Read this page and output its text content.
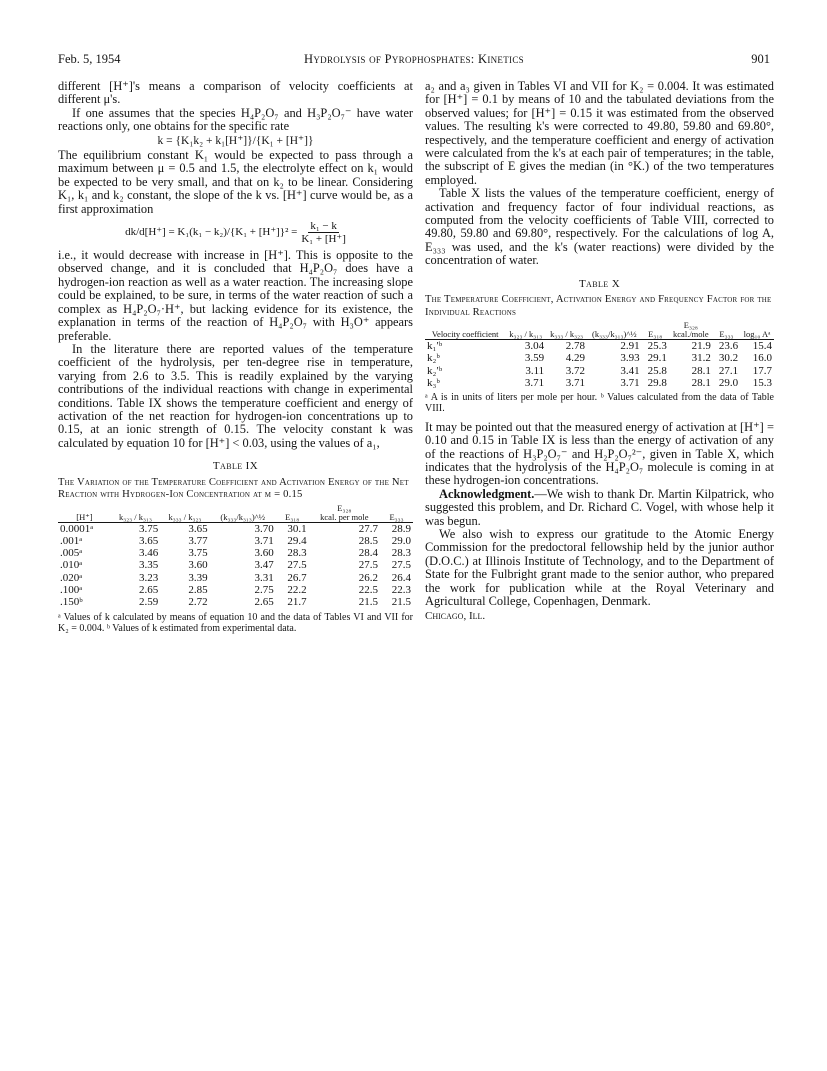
Feb. 5, 1954	Hydrolysis of Pyrophosphates: Kinetics	901

different [H⁺]'s means a comparison of velocity coefficients at different μ's.

If one assumes that the species H₄P₂O₇ and H₃P₂O₇⁻ have water reactions only, one obtains for the specific rate

k = {K₁k₂ + k₁[H⁺]}/{K₁ + [H⁺]}

The equilibrium constant K₁ would be expected to pass through a maximum between μ = 0.5 and 1.5, the electrolyte effect on k₁ would be expected to be very small, and that on k₂ to be linear. Considering K₁, k₁ and k₂ constant, the slope of the k vs. [H⁺] curve would be, as a first approximation

$dk/d[H^+] = K_1(k_1 - k_2)/\{K_1 + [H^+]\}^2 = \frac{\text{k₁ − k}}{\text{K₁ + [H⁺]}}$

i.e., it would decrease with increase in [H⁺]. This is opposite to the observed change, and it is concluded that H₄P₂O₇ does have a hydrogen-ion reaction as well as a water reaction. The increasing slope could be explained, to be sure, in terms of the water reaction of such a complex as H₄P₂O₇·H⁺, but lacking evidence for its existence, the explanation in terms of the reaction of H₄P₂O₇ with H₃O⁺ appears preferable.

In the literature there are reported values of the temperature coefficient of the hydrolysis, per ten-degree rise in temperature, varying from 2.6 to 3.5. This is readily explained by the varying contributions of the individual reactions with change in experimental conditions. Table IX shows the temperature coefficient and energy of activation of the net reaction for hydrogen-ion concentrations up to 0.15, at an ionic strength of 0.15. The velocity constant k was calculated by equation 10 for [H⁺] < 0.03, using the values of a₁,

Table IX
The Variation of the Temperature Coefficient and Activation Energy of the Net Reaction with Hydrogen-Ion Concentration at μ = 0.15
[H⁺]	k₃₂₃ / k₃₁₃	k₃₃₃ / k₃₂₃	(k₃₃₃/k₃₁₃)^½	E₃₁₈	E₃₂₈
kcal. per mole	E₃₃₃
0.0001ᵃ	3.75	3.65	3.70	30.1	27.7	28.9
.001ᵃ	3.65	3.77	3.71	29.4	28.5	29.0
.005ᵃ	3.46	3.75	3.60	28.3	28.4	28.3
.010ᵃ	3.35	3.60	3.47	27.5	27.5	27.5
.020ᵃ	3.23	3.39	3.31	26.7	26.2	26.4
.100ᵃ	2.65	2.85	2.75	22.2	22.5	22.3
.150ᵇ	2.59	2.72	2.65	21.7	21.5	21.5
ᵃ Values of k calculated by means of equation 10 and the data of Tables VI and VII for K₂ = 0.004. ᵇ Values of k estimated from experimental data.

a₂ and a₃ given in Tables VI and VII for K₂ = 0.004. It was estimated for [H⁺] = 0.1 by means of 10 and the tabulated deviations from the observed values; for [H⁺] = 0.15 it was estimated from the observed values. The resulting k's were corrected to 49.80, 59.80 and 69.80°, respectively, and the temperature coefficient and energy of activation were calculated from the k's at each pair of temperatures; in the table, the subscript of E gives the median (in °K.) of the two temperatures employed.

Table X lists the values of the temperature coefficient, energy of activation and frequency factor of four individual reactions, as computed from the velocity coefficients of Table VIII, corrected to 49.80, 59.80 and 69.80°, respectively. For the calculations of log A, E₃₃₃ was used, and the k's (water reactions) were divided by the concentration of water.

Table X
The Temperature Coefficient, Activation Energy and Frequency Factor for the Individual Reactions
Velocity coefficient	k₃₂₃ / k₃₁₃	k₃₃₃ / k₃₂₃	(k₃₃₃/k₃₁₃)^½	E₃₁₈	E₃₂₈
kcal./mole	E₃₃₃	log₁₀ Aᵃ
k₁′ᵇ	3.04	2.78	2.91	25.3	21.9	23.6	15.4
k₂ᵇ	3.59	4.29	3.93	29.1	31.2	30.2	16.0
k₂′ᵇ	3.11	3.72	3.41	25.8	28.1	27.1	17.7
k₃ᵇ	3.71	3.71	3.71	29.8	28.1	29.0	15.3
ᵃ A is in units of liters per mole per hour. ᵇ Values calculated from the data of Table VIII.

It may be pointed out that the measured energy of activation at [H⁺] = 0.10 and 0.15 in Table IX is less than the energy of activation of any of the reactions of H₃P₂O₇⁻ and H₂P₂O₇²⁻, given in Table X, which indicates that the hydrolysis of the H₄P₂O₇ molecule is coming in at these hydrogen-ion concentrations.

Acknowledgment.—We wish to thank Dr. Martin Kilpatrick, who suggested this problem, and Dr. Richard C. Vogel, with whose help it was begun.

We also wish to express our gratitude to the Atomic Energy Commission for the predoctoral fellowship held by the junior author (D.O.C.) at Illinois Institute of Technology, and to the Department of State for the Fulbright grant made to the senior author, who prepared the work for publication while at the Royal Veterinary and Agricultural College, Copenhagen, Denmark.

Chicago, Ill.
